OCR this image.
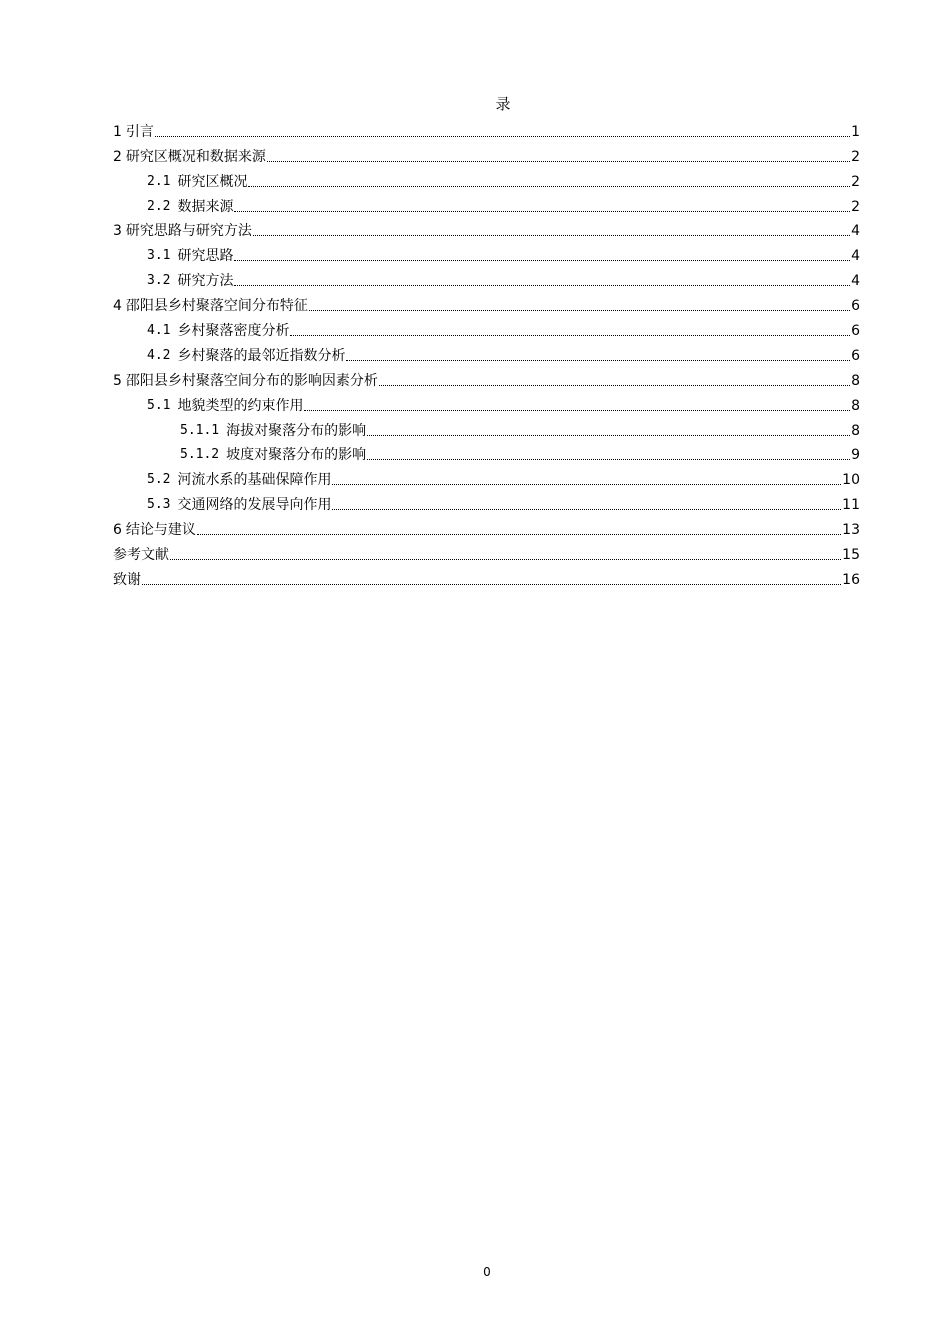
录
1 引言	1
2 研究区概况和数据来源	2
2.1 研究区概况	2
2.2 数据来源	2
3 研究思路与研究方法	4
3.1 研究思路	4
3.2 研究方法	4
4 邵阳县乡村聚落空间分布特征	6
4.1 乡村聚落密度分析	6
4.2 乡村聚落的最邻近指数分析	6
5 邵阳县乡村聚落空间分布的影响因素分析	8
5.1 地貌类型的约束作用	8
5.1.1 海拔对聚落分布的影响	8
5.1.2 坡度对聚落分布的影响	9
5.2 河流水系的基础保障作用	10
5.3 交通网络的发展导向作用	11
6 结论与建议	13
参考文献	15
致谢	16
0
